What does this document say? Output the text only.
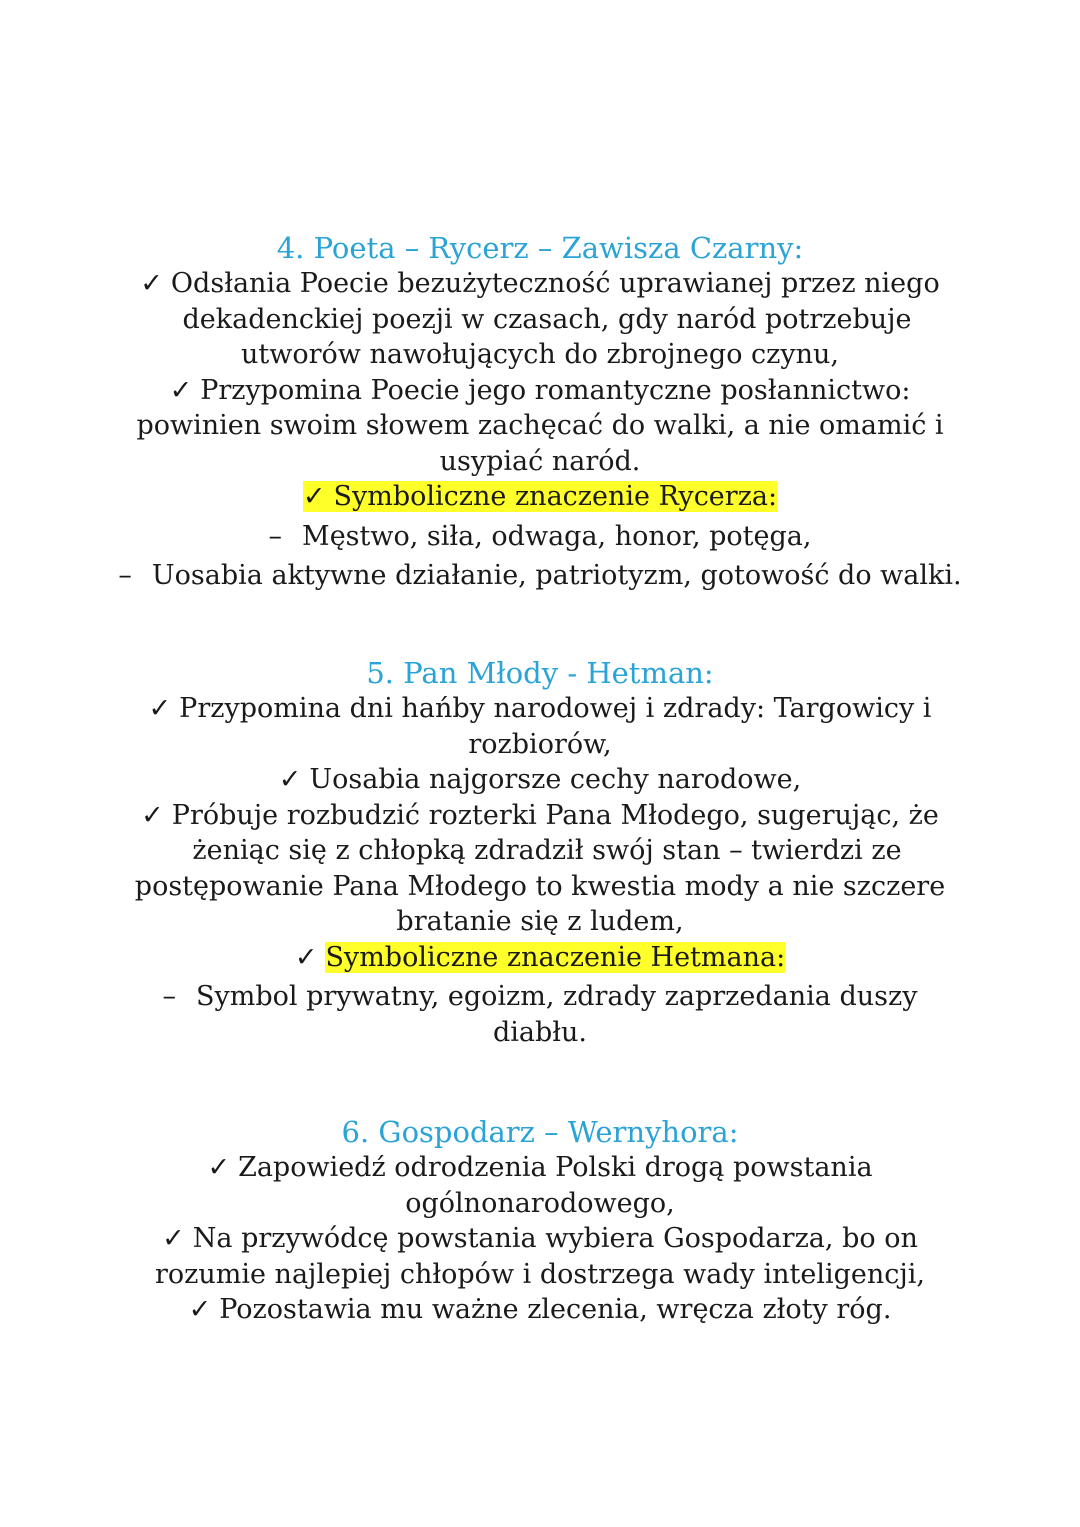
4. Poeta – Rycerz – Zawisza Czarny:
✓ Odsłania Poecie bezużyteczność uprawianej przez niego
dekadenckiej poezji w czasach, gdy naród potrzebuje
utworów nawołujących do zbrojnego czynu,
✓ Przypomina Poecie jego romantyczne posłannictwo:
powinien swoim słowem zachęcać do walki, a nie omamić i
usypiać naród.
✓ Symboliczne znaczenie Rycerza:
– Męstwo, siła, odwaga, honor, potęga,
– Uosabia aktywne działanie, patriotyzm, gotowość do walki.
5. Pan Młody - Hetman:
✓ Przypomina dni hańby narodowej i zdrady: Targowicy i
rozbiorów,
✓ Uosabia najgorsze cechy narodowe,
✓ Próbuje rozbudzić rozterki Pana Młodego, sugerując, że
żeniąc się z chłopką zdradził swój stan – twierdzi ze
postępowanie Pana Młodego to kwestia mody a nie szczere
bratanie się z ludem,
✓ Symboliczne znaczenie Hetmana:
– Symbol prywatny, egoizm, zdrady zaprzedania duszy
diabłu.
6. Gospodarz – Wernyhora:
✓ Zapowiedź odrodzenia Polski drogą powstania
ogólnonarodowego,
✓ Na przywódcę powstania wybiera Gospodarza, bo on
rozumie najlepiej chłopów i dostrzega wady inteligencji,
✓ Pozostawia mu ważne zlecenia, wręcza złoty róg.
